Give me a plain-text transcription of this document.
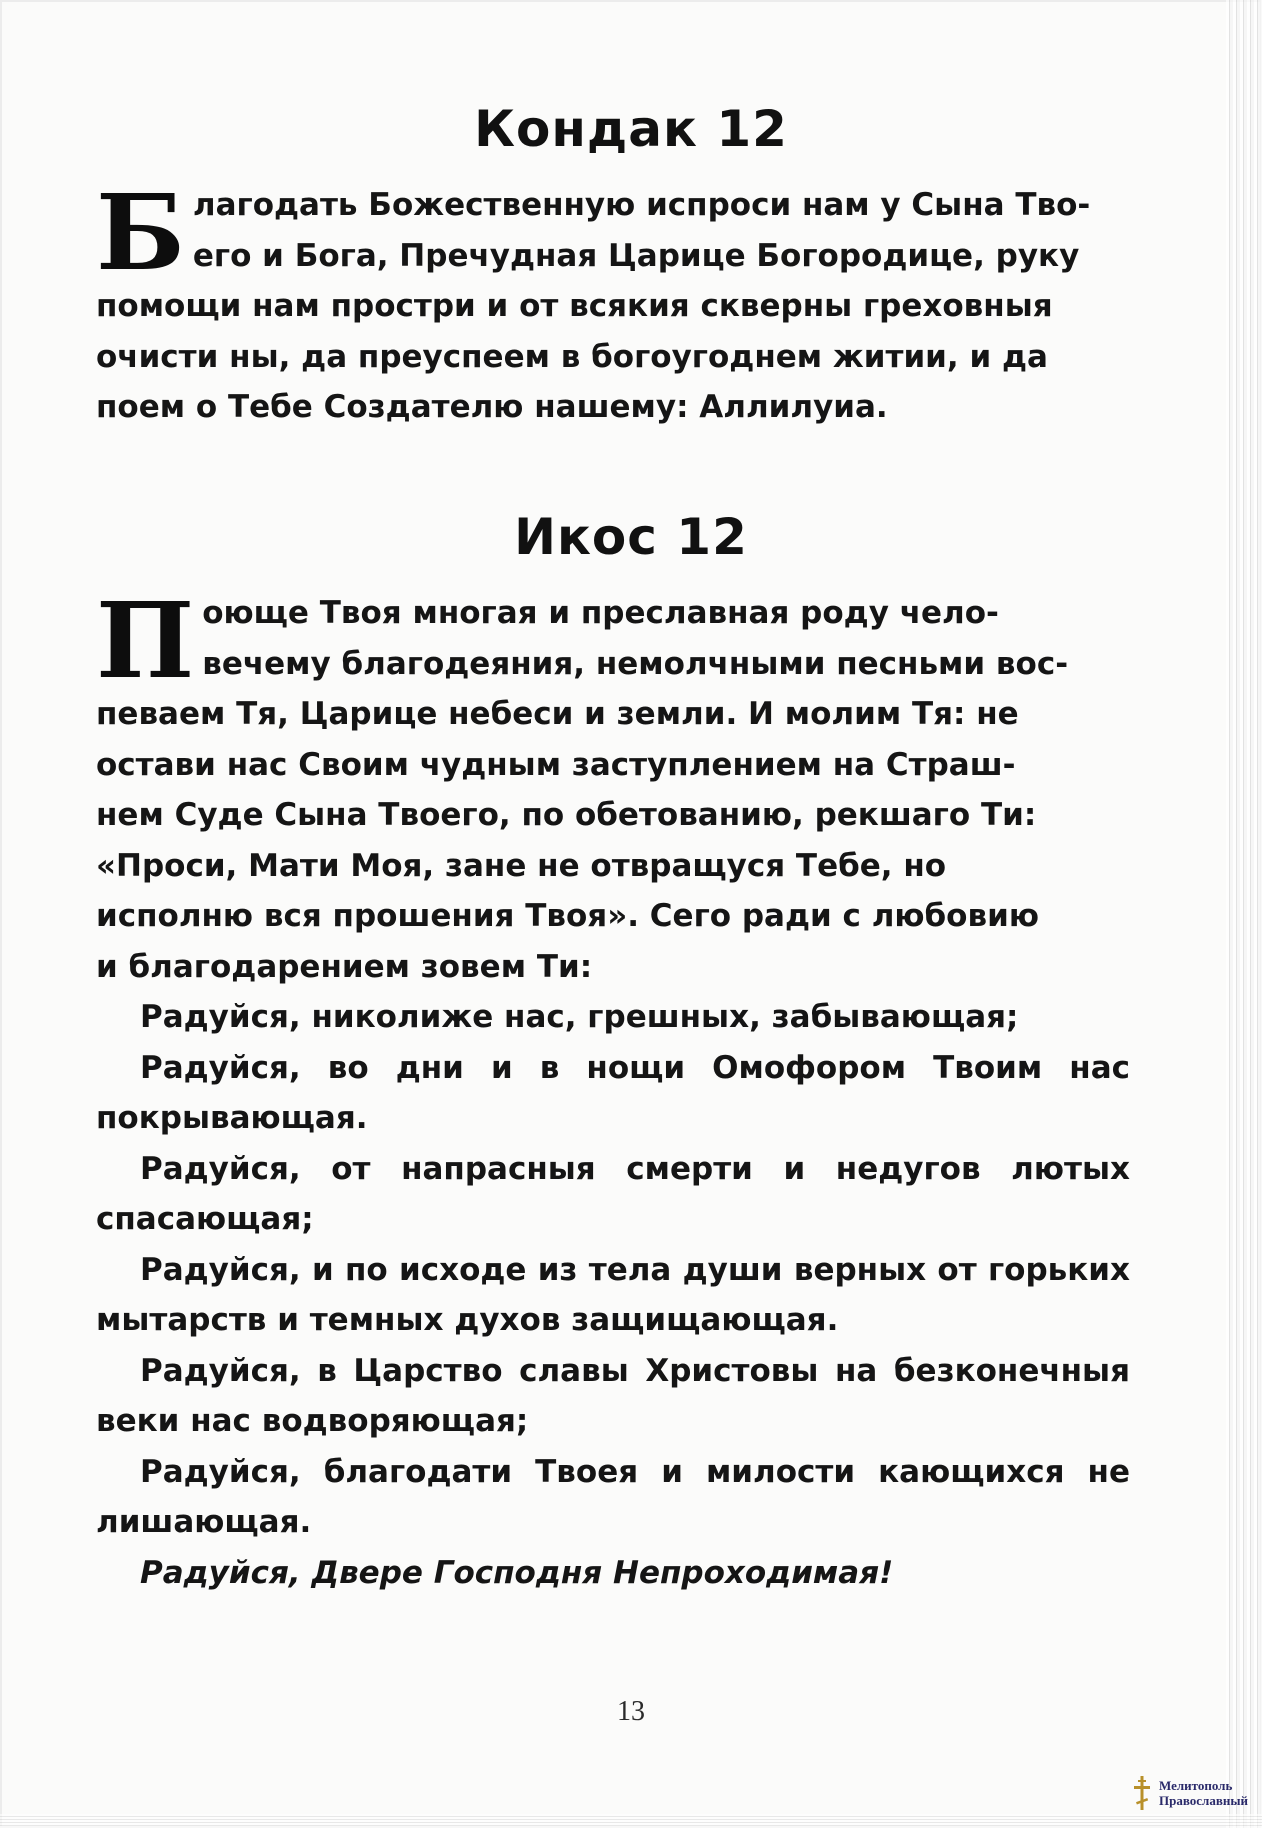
Кондак 12
Б лагодать Божественную испроси нам у Сына Тво-
его и Бога, Пречудная Царице Богородице, руку
помощи нам простри и от всякия скверны греховныя
очисти ны, да преуспеем в богоугоднем житии, и да
поем о Тебе Создателю нашему: Аллилуиа.
Икос 12
П оюще Твоя многая и преславная роду чело-
вечему благодеяния, немолчными песньми вос-
певаем Тя, Царице небеси и земли. И молим Тя: не
остави нас Своим чудным заступлением на Страш-
нем Суде Сына Твоего, по обетованию, рекшаго Ти:
«Проси, Мати Моя, зане не отвращуся Тебе, но
исполню вся прошения Твоя». Сего ради с любовию
и благодарением зовем Ти:
Радуйся, николиже нас, грешных, забывающая;
Радуйся, во дни и в нощи Омофором Твоим нас покрывающая.
Радуйся, от напрасныя смерти и недугов лютых спасающая;
Радуйся, и по исходе из тела души верных от горьких мытарств и темных духов защищающая.
Радуйся, в Царство славы Христовы на безконечныя веки нас водворяющая;
Радуйся, благодати Твоея и милости кающихся не лишающая.
Радуйся, Двере Господня Непроходимая!
13
Мелитополь
Православный
